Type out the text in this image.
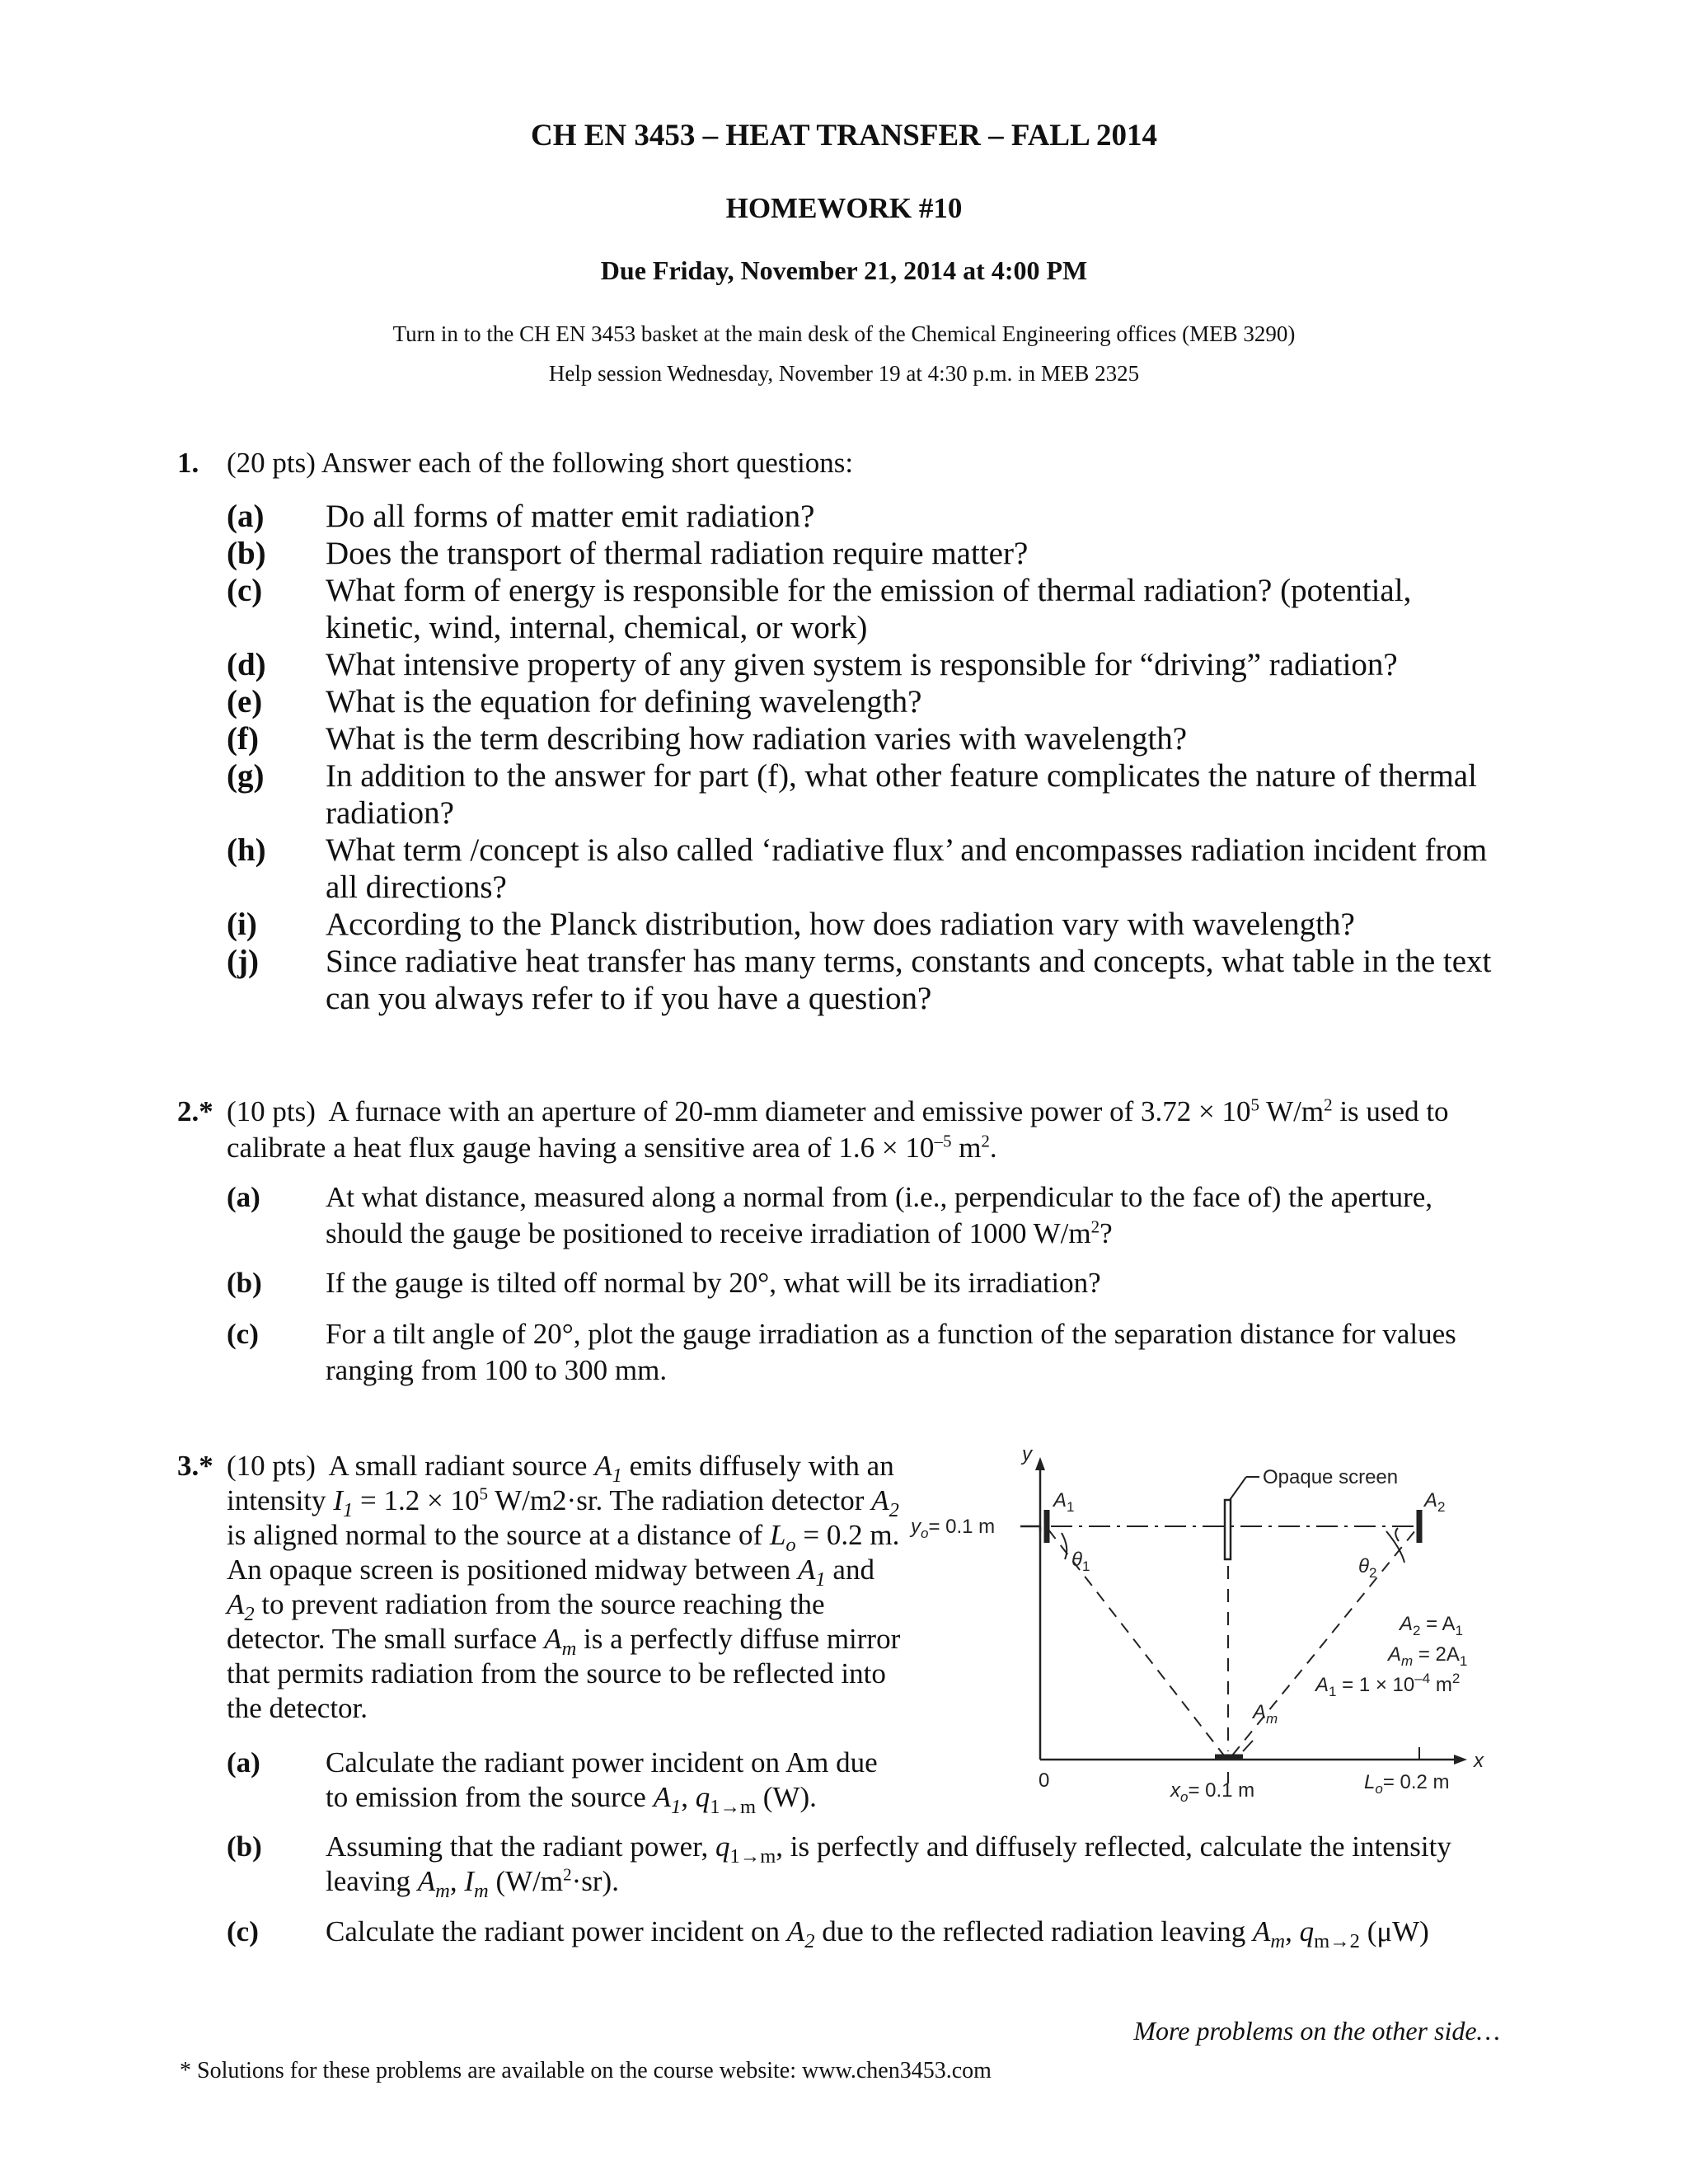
CH EN 3453 – HEAT TRANSFER – FALL 2014
HOMEWORK #10
Due Friday, November 21, 2014 at 4:00 PM
Turn in to the CH EN 3453 basket at the main desk of the Chemical Engineering offices (MEB 3290)
Help session Wednesday, November 19 at 4:30 p.m. in MEB 2325
1. (20 pts) Answer each of the following short questions:
(a) Do all forms of matter emit radiation?
(b) Does the transport of thermal radiation require matter?
(c) What form of energy is responsible for the emission of thermal radiation? (potential, kinetic, wind, internal, chemical, or work)
(d) What intensive property of any given system is responsible for “driving” radiation?
(e) What is the equation for defining wavelength?
(f) What is the term describing how radiation varies with wavelength?
(g) In addition to the answer for part (f), what other feature complicates the nature of thermal radiation?
(h) What term /concept is also called ‘radiative flux’ and encompasses radiation incident from all directions?
(i) According to the Planck distribution, how does radiation vary with wavelength?
(j) Since radiative heat transfer has many terms, constants and concepts, what table in the text can you always refer to if you have a question?
2.* (10 pts) A furnace with an aperture of 20-mm diameter and emissive power of $3.72 \times 10^5$ $W/m^2$ is used to calibrate a heat flux gauge having a sensitive area of $1.6 \times 10^{-5}$ $m^2$.
(a) At what distance, measured along a normal from (i.e., perpendicular to the face of) the aperture, should the gauge be positioned to receive irradiation of 1000 $W/m^2$?
(b) If the gauge is tilted off normal by 20°, what will be its irradiation?
(c) For a tilt angle of 20°, plot the gauge irradiation as a function of the separation distance for values ranging from 100 to 300 mm.
3.* (10 pts) A small radiant source $A_1$ emits diffusely with an intensity $I_1 = 1.2 \times 10^5$ W/m2·sr. The radiation detector $A_2$ is aligned normal to the source at a distance of $L_o = 0.2$ m. An opaque screen is positioned midway between $A_1$ and $A_2$ to prevent radiation from the source reaching the detector. The small surface $A_m$ is a perfectly diffuse mirror that permits radiation from the source to be reflected into the detector.
(a) Calculate the radiant power incident on Am due to emission from the source $A_1$, $q_{1\to m}$ (W).
(b) Assuming that the radiant power, $q_{1\to m}$, is perfectly and diffusely reflected, calculate the intensity leaving $A_m$, $I_m$ $(W/m^2\cdot sr)$.
(c) Calculate the radiant power incident on $A_2$ due to the reflected radiation leaving $A_m$, $q_{m\to 2}$ (μW)
y
x
Opaque screen
0
$y_o= 0.1$ m
$x_o= 0.1$ m	$L_o= 0.2$ m
$A_1$	$A_2$
$A_m$
$\theta_1$	$\theta_2$
$A_2 = A_1$
$A_m = 2A_1$
$A_1 = 1 \times 10^{-4}$ $m^2$
More problems on the other side…
* Solutions for these problems are available on the course website: www.chen3453.com
